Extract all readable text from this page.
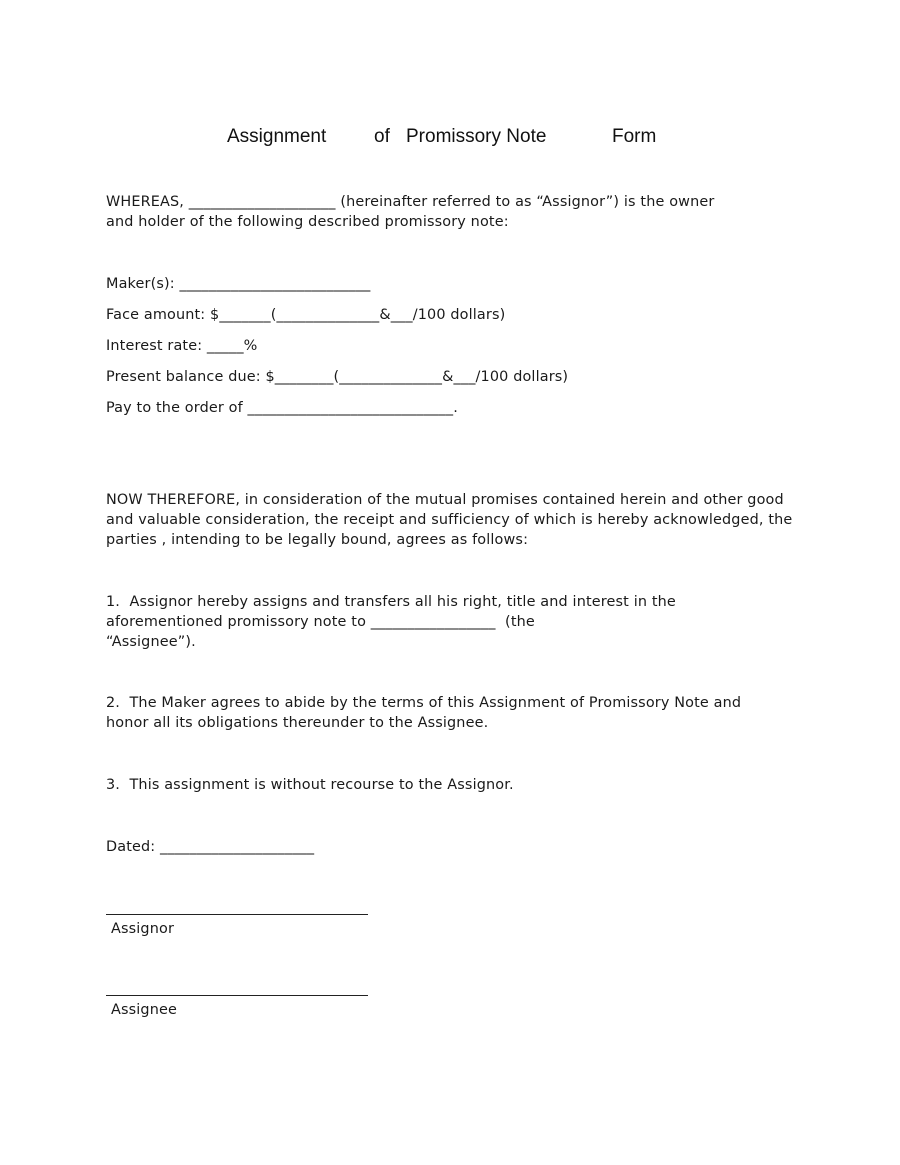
Assignment	of Promissory Note	Form
WHEREAS, ____________________ (hereinafter referred to as “Assignor”) is the owner
and holder of the following described promissory note:
Maker(s): __________________________
Face amount: $_______(______________&___/100 dollars)
Interest rate: _____%
Present balance due: $________(______________&___/100 dollars)
Pay to the order of ____________________________.
NOW THEREFORE, in consideration of the mutual promises contained herein and other good
and valuable consideration, the receipt and sufficiency of which is hereby acknowledged, the
parties , intending to be legally bound, agrees as follows:
1.  Assignor hereby assigns and transfers all his right, title and interest in the
aforementioned promissory note to _________________  (the
“Assignee”).
2.  The Maker agrees to abide by the terms of this Assignment of Promissory Note and
honor all its obligations thereunder to the Assignee.
3.  This assignment is without recourse to the Assignor.
Dated: _____________________
Assignor
Assignee
